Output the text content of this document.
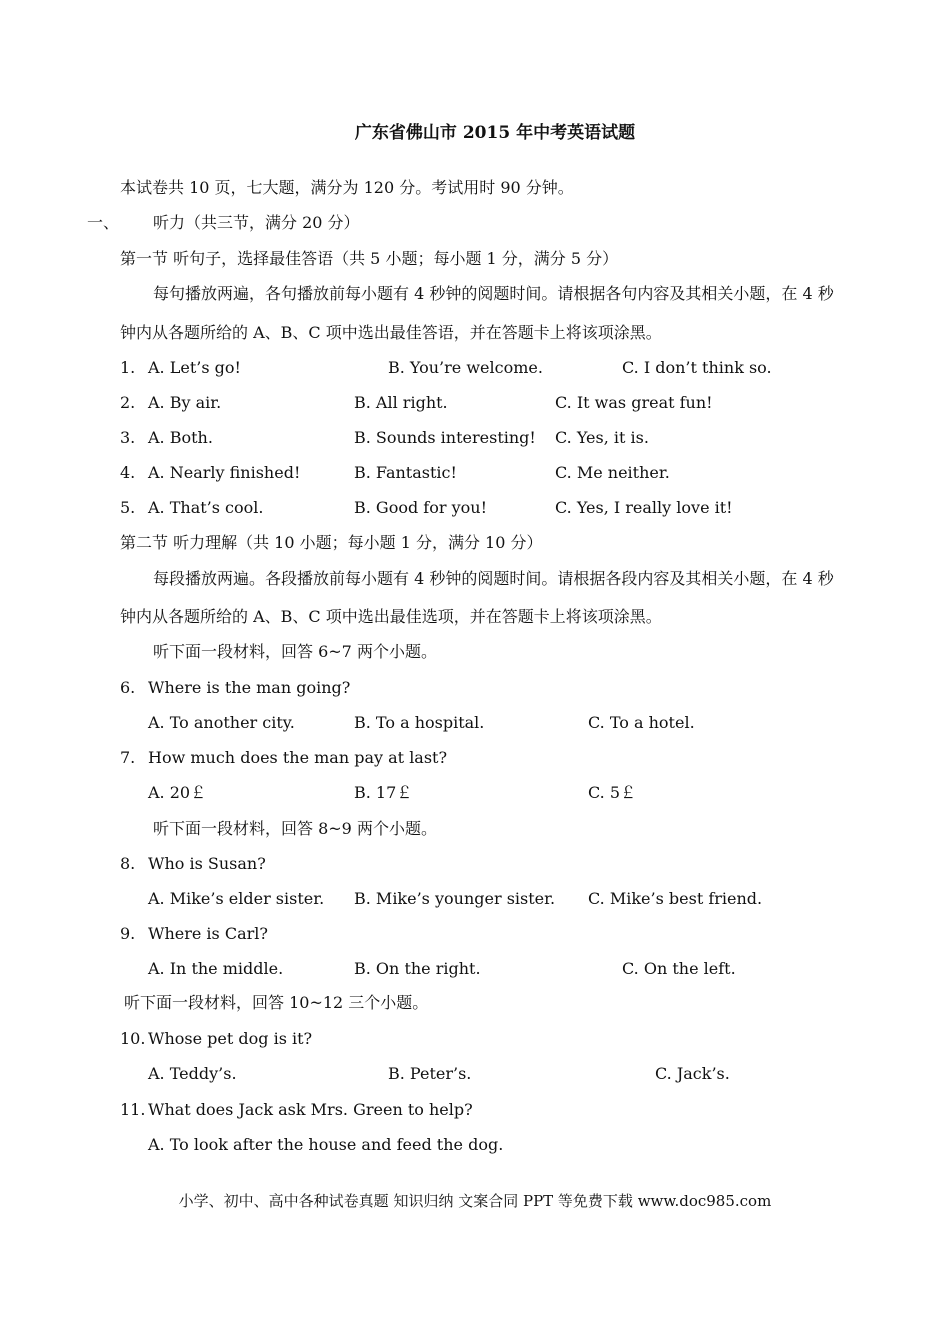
广东省佛山市 2015 年中考英语试题
本试卷共 10 页，七大题，满分为 120 分。考试用时 90 分钟。
一、 听力（共三节，满分 20 分）
第一节 听句子，选择最佳答语（共 5 小题；每小题 1 分，满分 5 分）
每句播放两遍，各句播放前每小题有 4 秒钟的阅题时间。请根据各句内容及其相关小题，在 4 秒
钟内从各题所给的 A、B、C 项中选出最佳答语，并在答题卡上将该项涂黑。
1. A. Let’s go!	B. You’re welcome.	C. I don’t think so.
2. A. By air.	B. All right.	C. It was great fun!
3. A. Both.	B. Sounds interesting! C. Yes, it is.
4. A. Nearly finished!	B. Fantastic!	C. Me neither.
5. A. That’s cool.	B. Good for you!	C. Yes, I really love it!
第二节 听力理解（共 10 小题；每小题 1 分，满分 10 分）
每段播放两遍。各段播放前每小题有 4 秒钟的阅题时间。请根据各段内容及其相关小题，在 4 秒
钟内从各题所给的 A、B、C 项中选出最佳选项，并在答题卡上将该项涂黑。
听下面一段材料，回答 6~7 两个小题。
6. Where is the man going?
A. To another city.	B. To a hospital.	C. To a hotel.
7. How much does the man pay at last?
A. 20￡	B. 17￡	C. 5￡
听下面一段材料，回答 8~9 两个小题。
8. Who is Susan?
A. Mike’s elder sister. B. Mike’s younger sister. C. Mike’s best friend.
9. Where is Carl?
A. In the middle.	B. On the right.	C. On the left.
听下面一段材料，回答 10~12 三个小题。
10. Whose pet dog is it?
A. Teddy’s.	B. Peter’s.	C. Jack’s.
11. What does Jack ask Mrs. Green to help?
A. To look after the house and feed the dog.
小学、初中、高中各种试卷真题 知识归纳 文案合同 PPT 等免费下载 www.doc985.com
